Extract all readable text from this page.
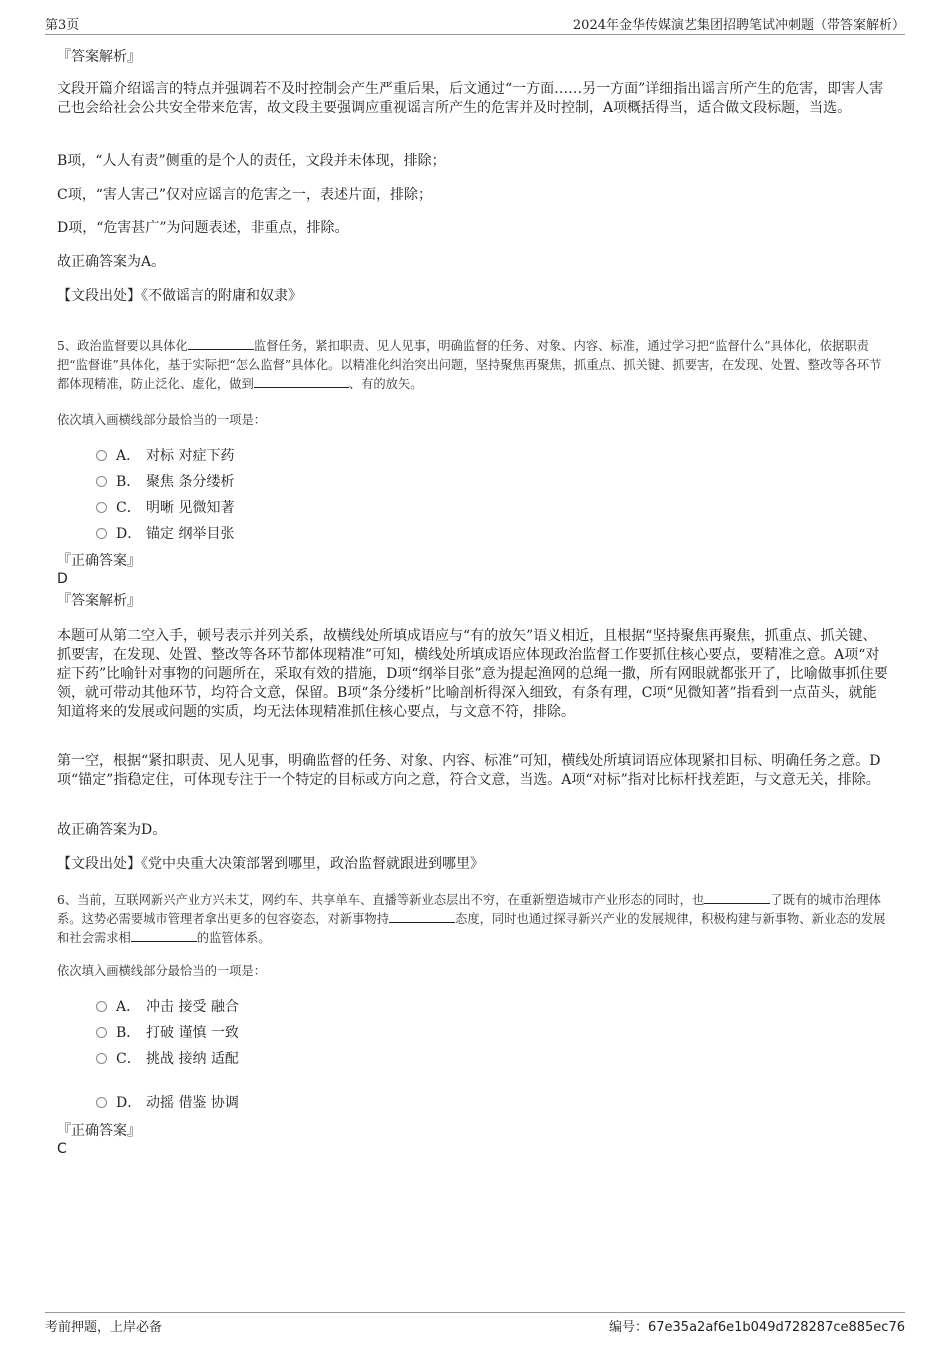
第3页	2024年金华传媒演艺集团招聘笔试冲刺题（带答案解析）

『答案解析』

文段开篇介绍谣言的特点并强调若不及时控制会产生严重后果，后文通过“一方面……另一方面”详细指出谣言所产生的危害，即害人害己也会给社会公共安全带来危害，故文段主要强调应重视谣言所产生的危害并及时控制，A项概括得当，适合做文段标题，当选。

B项，“人人有责”侧重的是个人的责任，文段并未体现，排除；

C项，“害人害己”仅对应谣言的危害之一，表述片面，排除；

D项，“危害甚广”为问题表述，非重点，排除。

故正确答案为A。

【文段出处】《不做谣言的附庸和奴隶》

5、政治监督要以具体化	监督任务，紧扣职责、见人见事，明确监督的任务、对象、内容、标准，通过学习把“监督什么”具体化，依据职责把“监督谁”具体化，基于实际把“怎么监督”具体化。以精准化纠治突出问题，坚持聚焦再聚焦，抓重点、抓关键、抓要害，在发现、处置、整改等各环节都体现精准，防止泛化、虚化，做到	、有的放矢。

依次填入画横线部分最恰当的一项是：

A． 对标 对症下药
B． 聚焦 条分缕析
C． 明晰 见微知著
D． 锚定 纲举目张

『正确答案』

D

『答案解析』

本题可从第二空入手，顿号表示并列关系，故横线处所填成语应与“有的放矢”语义相近，且根据“坚持聚焦再聚焦，抓重点、抓关键、抓要害，在发现、处置、整改等各环节都体现精准”可知，横线处所填成语应体现政治监督工作要抓住核心要点，要精准之意。A项“对症下药”比喻针对事物的问题所在，采取有效的措施，D项“纲举目张”意为提起渔网的总绳一撒，所有网眼就都张开了，比喻做事抓住要领，就可带动其他环节，均符合文意，保留。B项“条分缕析”比喻剖析得深入细致，有条有理，C项“见微知著”指看到一点苗头，就能知道将来的发展或问题的实质，均无法体现精准抓住核心要点，与文意不符，排除。

第一空，根据“紧扣职责、见人见事，明确监督的任务、对象、内容、标准”可知，横线处所填词语应体现紧扣目标、明确任务之意。D项“锚定”指稳定住，可体现专注于一个特定的目标或方向之意，符合文意，当选。A项“对标”指对比标杆找差距，与文意无关，排除。

故正确答案为D。

【文段出处】《党中央重大决策部署到哪里，政治监督就跟进到哪里》

6、当前，互联网新兴产业方兴未艾，网约车、共享单车、直播等新业态层出不穷，在重新塑造城市产业形态的同时，也	了既有的城市治理体系。这势必需要城市管理者拿出更多的包容姿态，对新事物持	态度，同时也通过探寻新兴产业的发展规律，积极构建与新事物、新业态的发展和社会需求相	的监管体系。

依次填入画横线部分最恰当的一项是：

A． 冲击 接受 融合
B． 打破 谨慎 一致
C． 挑战 接纳 适配
D． 动摇 借鉴 协调

『正确答案』

C

考前押题，上岸必备	编号：67e35a2af6e1b049d728287ce885ec76
